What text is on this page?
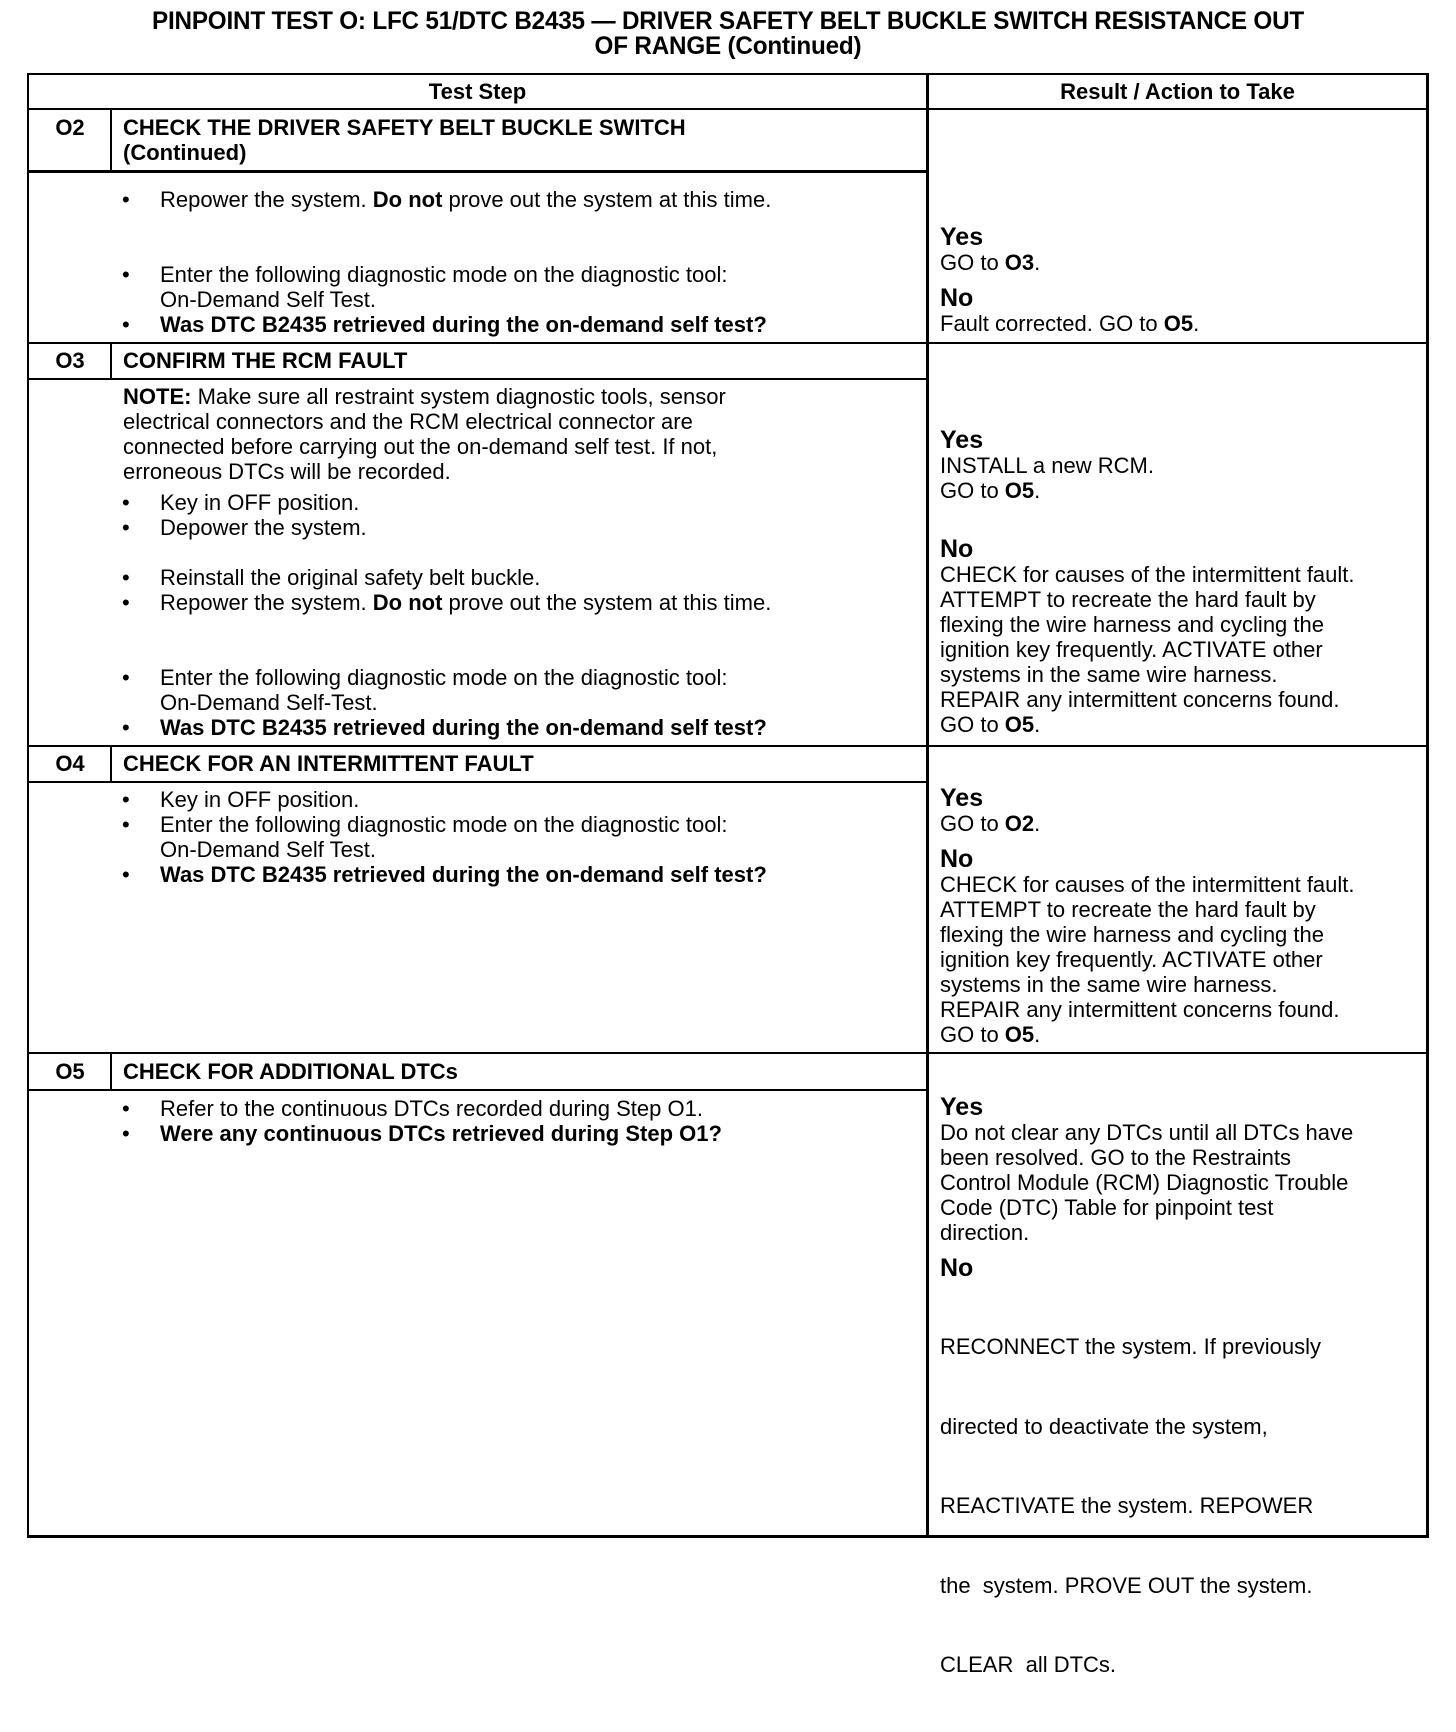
PINPOINT TEST O: LFC 51/DTC B2435 — DRIVER SAFETY BELT BUCKLE SWITCH RESISTANCE OUT
OF RANGE (Continued)
Test Step	Result / Action to Take
O2	CHECK THE DRIVER SAFETY BELT BUCKLE SWITCH
(Continued)
• Repower the system. Do not prove out the system at this time.
• Enter the following diagnostic mode on the diagnostic tool:
On-Demand Self Test.
• Was DTC B2435 retrieved during the on-demand self test?
Yes
GO to O3.
No
Fault corrected. GO to O5.
O3	CONFIRM THE RCM FAULT
NOTE: Make sure all restraint system diagnostic tools, sensor
electrical connectors and the RCM electrical connector are
connected before carrying out the on-demand self test. If not,
erroneous DTCs will be recorded.
• Key in OFF position.
• Depower the system.
• Reinstall the original safety belt buckle.
• Repower the system. Do not prove out the system at this time.
• Enter the following diagnostic mode on the diagnostic tool:
On-Demand Self-Test.
• Was DTC B2435 retrieved during the on-demand self test?
Yes
INSTALL a new RCM.
GO to O5.
No
CHECK for causes of the intermittent fault.
ATTEMPT to recreate the hard fault by
flexing the wire harness and cycling the
ignition key frequently. ACTIVATE other
systems in the same wire harness.
REPAIR any intermittent concerns found.
GO to O5.
O4	CHECK FOR AN INTERMITTENT FAULT
• Key in OFF position.
• Enter the following diagnostic mode on the diagnostic tool:
On-Demand Self Test.
• Was DTC B2435 retrieved during the on-demand self test?
Yes
GO to O2.
No
CHECK for causes of the intermittent fault.
ATTEMPT to recreate the hard fault by
flexing the wire harness and cycling the
ignition key frequently. ACTIVATE other
systems in the same wire harness.
REPAIR any intermittent concerns found.
GO to O5.
O5	CHECK FOR ADDITIONAL DTCs
• Refer to the continuous DTCs recorded during Step O1.
• Were any continuous DTCs retrieved during Step O1?
Yes
Do not clear any DTCs until all DTCs have
been resolved. GO to the Restraints
Control Module (RCM) Diagnostic Trouble
Code (DTC) Table for pinpoint test
direction.
No

RECONNECT the system. If previously

directed to deactivate the system,

REACTIVATE the system. REPOWER

the  system. PROVE OUT the system.

CLEAR  all DTCs.
